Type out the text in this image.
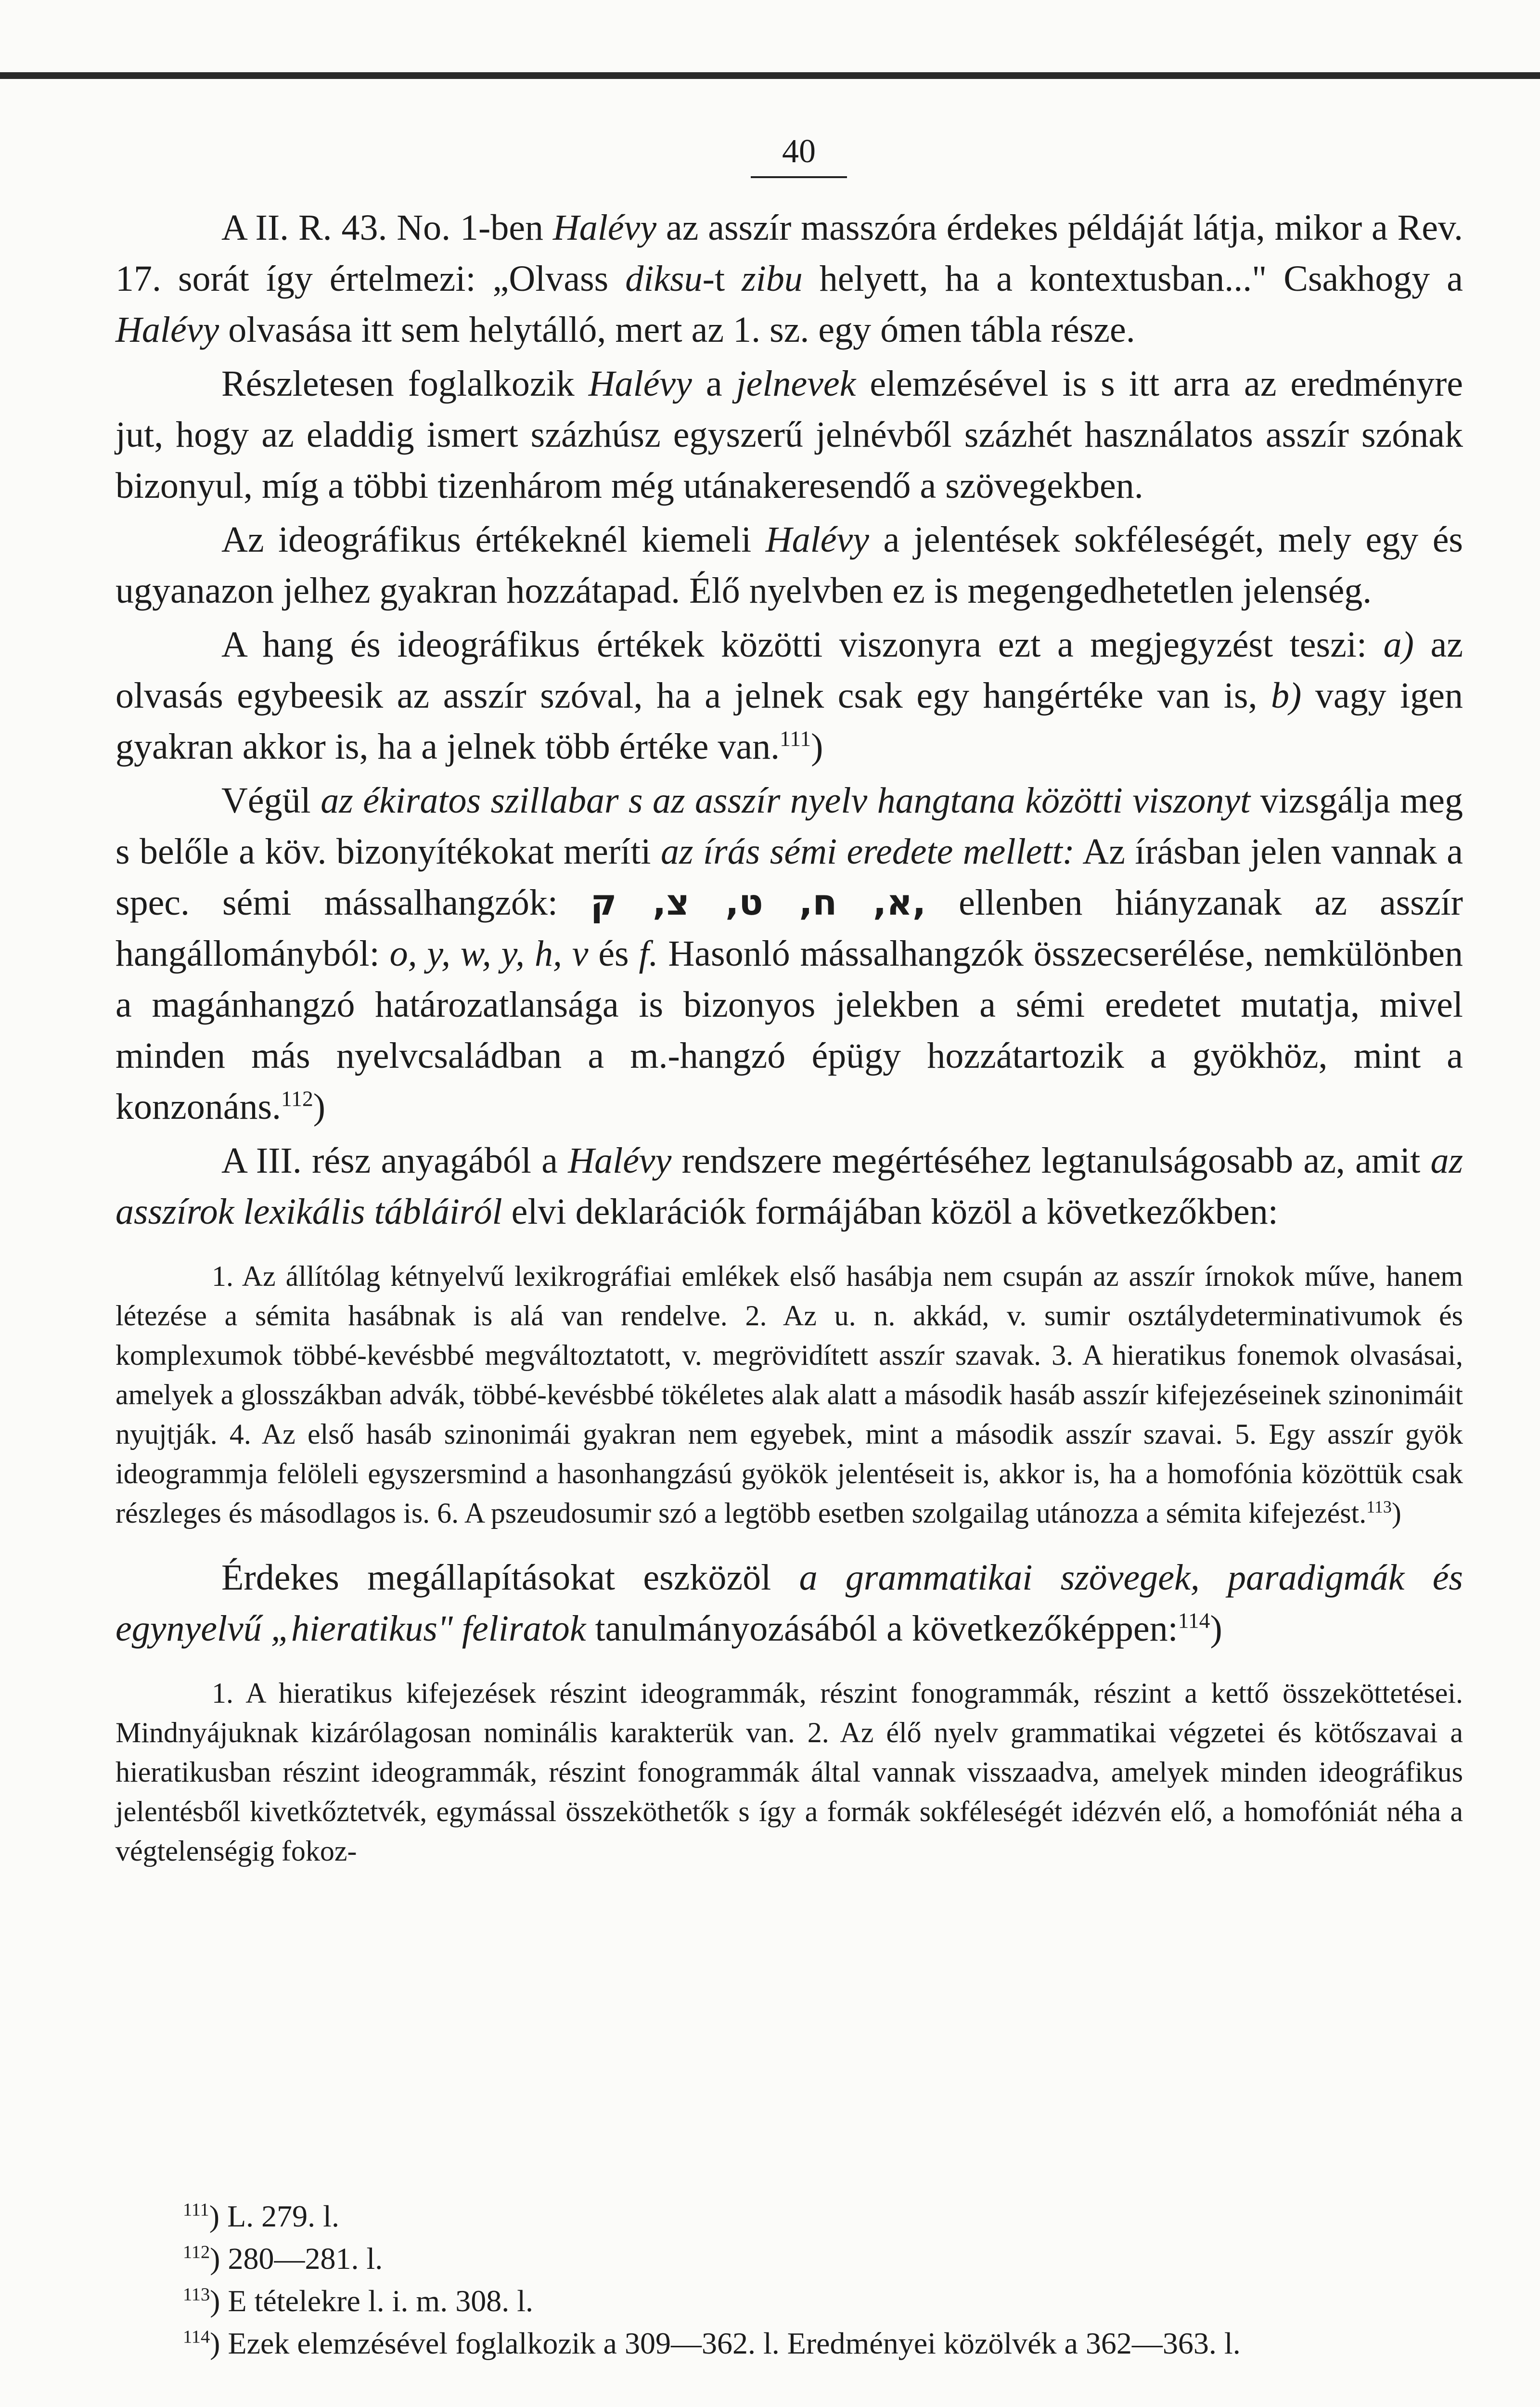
40

A II. R. 43. No. 1-ben Halévy az asszír masszóra érdekes példáját látja, mikor a Rev. 17. sorát így értelmezi: „Olvass diksu-t zibu helyett, ha a kontextusban..." Csakhogy a Halévy olvasása itt sem helytálló, mert az 1. sz. egy ómen tábla része.

Részletesen foglalkozik Halévy a jelnevek elemzésével is s itt arra az eredményre jut, hogy az eladdig ismert százhúsz egyszerű jelnévből százhét használatos asszír szónak bizonyul, míg a többi tizenhárom még utánakeresendő a szövegekben.

Az ideográfikus értékeknél kiemeli Halévy a jelentések sokféleségét, mely egy és ugyanazon jelhez gyakran hozzátapad. Élő nyelvben ez is megengedhetetlen jelenség.

A hang és ideográfikus értékek közötti viszonyra ezt a megjegyzést teszi: a) az olvasás egybeesik az asszír szóval, ha a jelnek csak egy hangértéke van is, b) vagy igen gyakran akkor is, ha a jelnek több értéke van.$^{111}$)

Végül az ékiratos szillabar s az asszír nyelv hangtana közötti viszonyt vizsgálja meg s belőle a köv. bizonyítékokat meríti az írás sémi eredete mellett: Az írásban jelen vannak a spec. sémi mássalhangzók: א, ח, ט, צ, ק, ellenben hiányzanak az asszír hangállományból: o, y, w, y, h, v és f. Hasonló mássalhangzók összecserélése, nemkülönben a magánhangzó határozatlansága is bizonyos jelekben a sémi eredetet mutatja, mivel minden más nyelvcsaládban a m.-hangzó épügy hozzátartozik a gyökhöz, mint a konzonáns.$^{112}$)

A III. rész anyagából a Halévy rendszere megértéséhez legtanulságosabb az, amit az asszírok lexikális tábláiról elvi deklarációk formájában közöl a következőkben:

1. Az állítólag kétnyelvű lexikrográfiai emlékek első hasábja nem csupán az asszír írnokok műve, hanem létezése a sémita hasábnak is alá van rendelve. 2. Az u. n. akkád, v. sumir osztálydeterminativumok és komplexumok többé-kevésbbé megváltoztatott, v. megrövidített asszír szavak. 3. A hieratikus fonemok olvasásai, amelyek a glosszákban advák, többé-kevésbbé tökéletes alak alatt a második hasáb asszír kifejezéseinek szinonimáit nyujtják. 4. Az első hasáb szinonimái gyakran nem egyebek, mint a második asszír szavai. 5. Egy asszír gyök ideogrammja felöleli egyszersmind a hasonhangzású gyökök jelentéseit is, akkor is, ha a homofónia közöttük csak részleges és másodlagos is. 6. A pszeudosumir szó a legtöbb esetben szolgailag utánozza a sémita kifejezést.$^{113}$)

Érdekes megállapításokat eszközöl a grammatikai szövegek, paradigmák és egynyelvű „hieratikus" feliratok tanulmányozásából a következőképpen:$^{114}$)

1. A hieratikus kifejezések részint ideogrammák, részint fonogrammák, részint a kettő összeköttetései. Mindnyájuknak kizárólagosan nominális karakterük van. 2. Az élő nyelv grammatikai végzetei és kötőszavai a hieratikusban részint ideogrammák, részint fonogrammák által vannak visszaadva, amelyek minden ideográfikus jelentésből kivetkőztetvék, egymással összeköthetők s így a formák sokféleségét idézvén elő, a homofóniát néha a végtelenségig fokoz-

$^{111}$) L. 279. l.

$^{112}$) 280—281. l.

$^{113}$) E tételekre l. i. m. 308. l.

$^{114}$) Ezek elemzésével foglalkozik a 309—362. l. Eredményei közölvék a 362—363. l.
